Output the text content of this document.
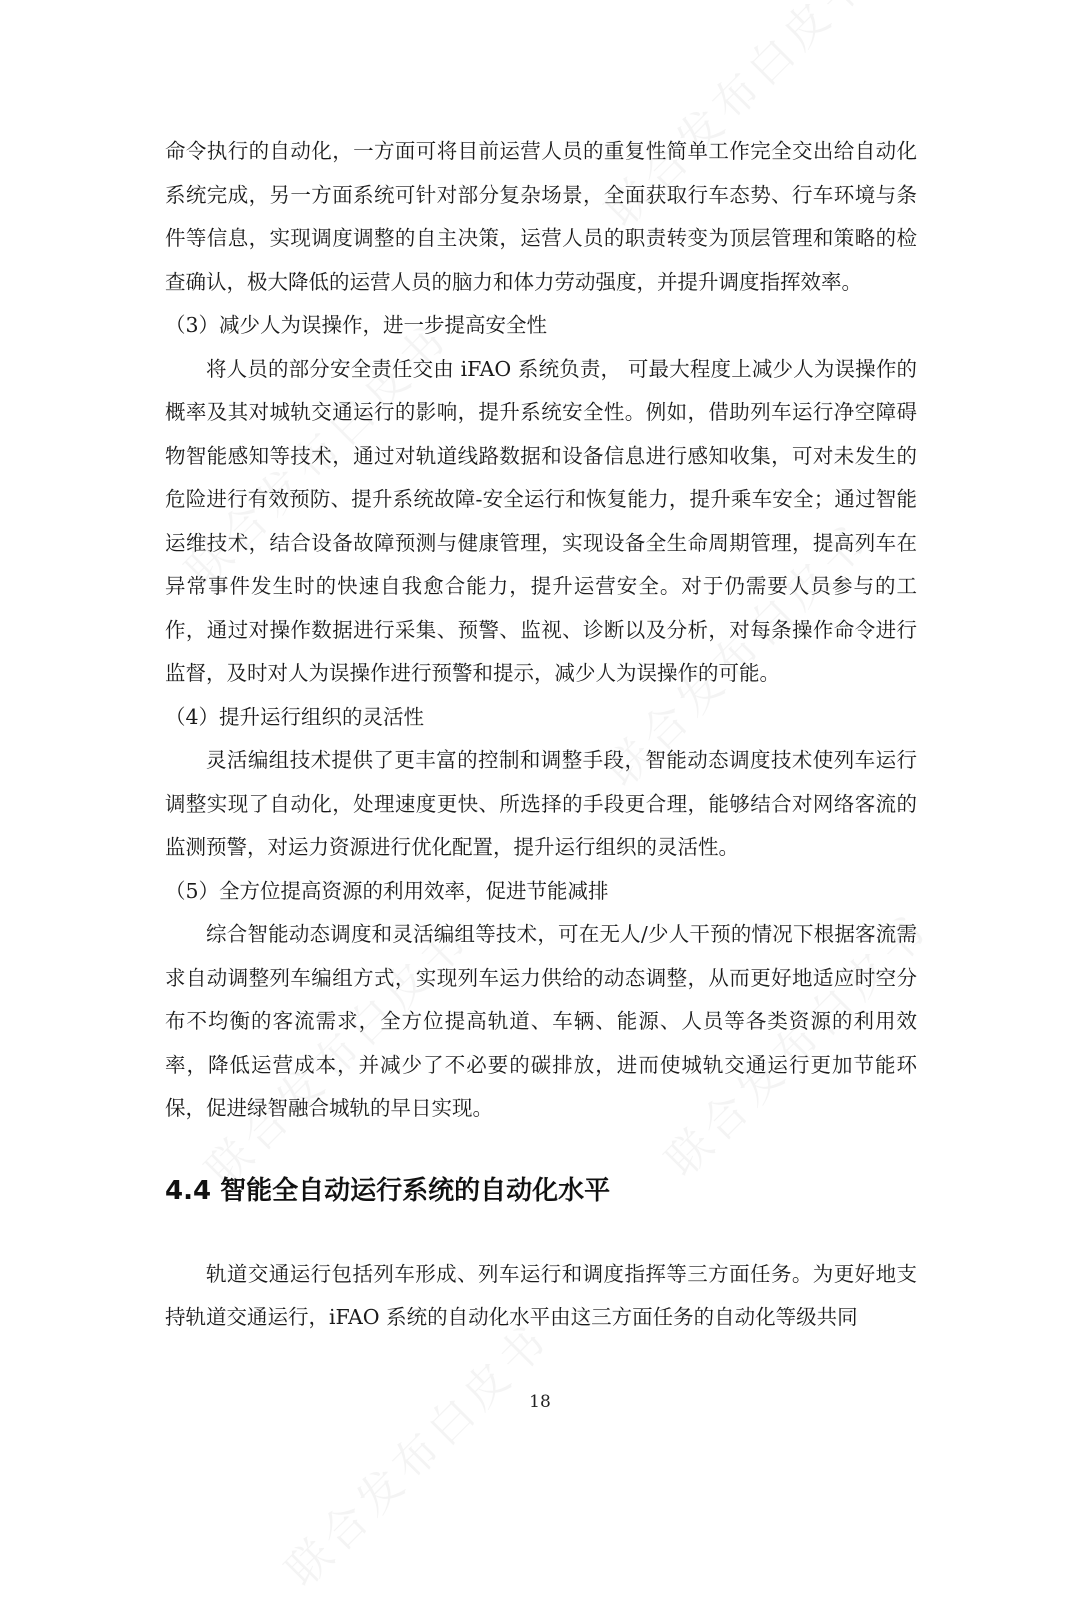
命令执行的自动化，一方面可将目前运营人员的重复性简单工作完全交出给自动化系统完成，另一方面系统可针对部分复杂场景，全面获取行车态势、行车环境与条件等信息，实现调度调整的自主决策，运营人员的职责转变为顶层管理和策略的检查确认，极大降低的运营人员的脑力和体力劳动强度，并提升调度指挥效率。

（3）减少人为误操作，进一步提高安全性

将人员的部分安全责任交由 iFAO 系统负责， 可最大程度上减少人为误操作的概率及其对城轨交通运行的影响，提升系统安全性。例如，借助列车运行净空障碍物智能感知等技术，通过对轨道线路数据和设备信息进行感知收集，可对未发生的危险进行有效预防、提升系统故障-安全运行和恢复能力，提升乘车安全；通过智能运维技术，结合设备故障预测与健康管理，实现设备全生命周期管理，提高列车在异常事件发生时的快速自我愈合能力，提升运营安全。对于仍需要人员参与的工作，通过对操作数据进行采集、预警、监视、诊断以及分析，对每条操作命令进行监督，及时对人为误操作进行预警和提示，减少人为误操作的可能。

（4）提升运行组织的灵活性

灵活编组技术提供了更丰富的控制和调整手段，智能动态调度技术使列车运行调整实现了自动化，处理速度更快、所选择的手段更合理，能够结合对网络客流的监测预警，对运力资源进行优化配置，提升运行组织的灵活性。

（5）全方位提高资源的利用效率，促进节能减排

综合智能动态调度和灵活编组等技术，可在无人/少人干预的情况下根据客流需求自动调整列车编组方式，实现列车运力供给的动态调整，从而更好地适应时空分布不均衡的客流需求，全方位提高轨道、车辆、能源、人员等各类资源的利用效率，降低运营成本，并减少了不必要的碳排放，进而使城轨交通运行更加节能环保，促进绿智融合城轨的早日实现。

4.4 智能全自动运行系统的自动化水平

轨道交通运行包括列车形成、列车运行和调度指挥等三方面任务。为更好地支持轨道交通运行，iFAO 系统的自动化水平由这三方面任务的自动化等级共同

18
